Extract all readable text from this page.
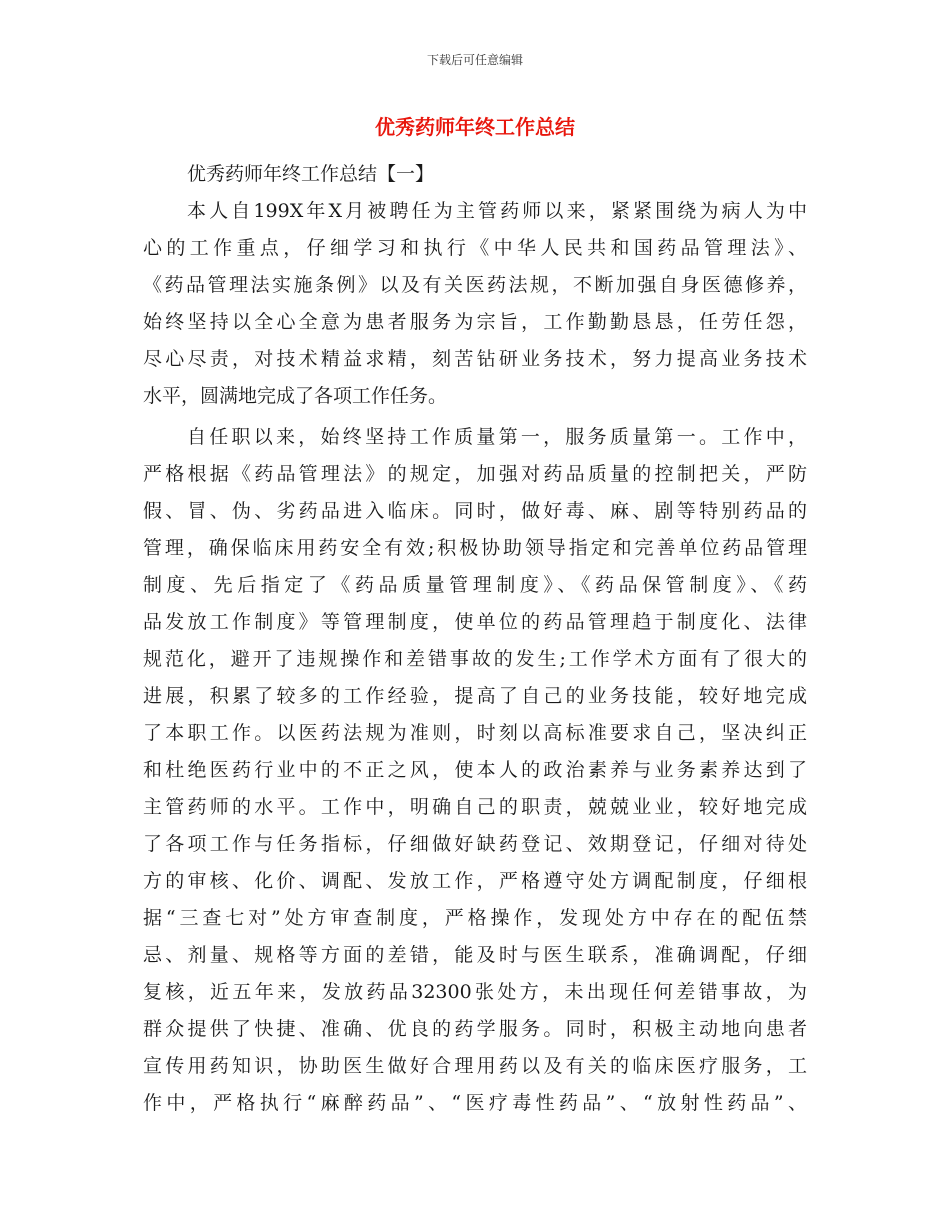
下载后可任意编辑
优秀药师年终工作总结
优秀药师年终工作总结【一】
本人自199X年X月被聘任为主管药师以来，紧紧围绕为病人为中
心的工作重点，仔细学习和执行《中华人民共和国药品管理法》、
《药品管理法实施条例》以及有关医药法规，不断加强自身医德修养，
始终坚持以全心全意为患者服务为宗旨，工作勤勤恳恳，任劳任怨，
尽心尽责，对技术精益求精，刻苦钻研业务技术，努力提高业务技术
水平，圆满地完成了各项工作任务。
自任职以来，始终坚持工作质量第一，服务质量第一。工作中，
严格根据《药品管理法》的规定，加强对药品质量的控制把关，严防
假、冒、伪、劣药品进入临床。同时，做好毒、麻、剧等特别药品的
管理，确保临床用药安全有效;积极协助领导指定和完善单位药品管理
制度、先后指定了《药品质量管理制度》、《药品保管制度》、《药
品发放工作制度》等管理制度，使单位的药品管理趋于制度化、法律
规范化，避开了违规操作和差错事故的发生;工作学术方面有了很大的
进展，积累了较多的工作经验，提高了自己的业务技能，较好地完成
了本职工作。以医药法规为准则，时刻以高标准要求自己，坚决纠正
和杜绝医药行业中的不正之风，使本人的政治素养与业务素养达到了
主管药师的水平。工作中，明确自己的职责，兢兢业业，较好地完成
了各项工作与任务指标，仔细做好缺药登记、效期登记，仔细对待处
方的审核、化价、调配、发放工作，严格遵守处方调配制度，仔细根
据“三查七对”处方审查制度，严格操作，发现处方中存在的配伍禁
忌、剂量、规格等方面的差错，能及时与医生联系，准确调配，仔细
复核，近五年来，发放药品32300张处方，未出现任何差错事故，为
群众提供了快捷、准确、优良的药学服务。同时，积极主动地向患者
宣传用药知识，协助医生做好合理用药以及有关的临床医疗服务，工
作中，严格执行“麻醉药品”、“医疗毒性药品”、“放射性药品”、
